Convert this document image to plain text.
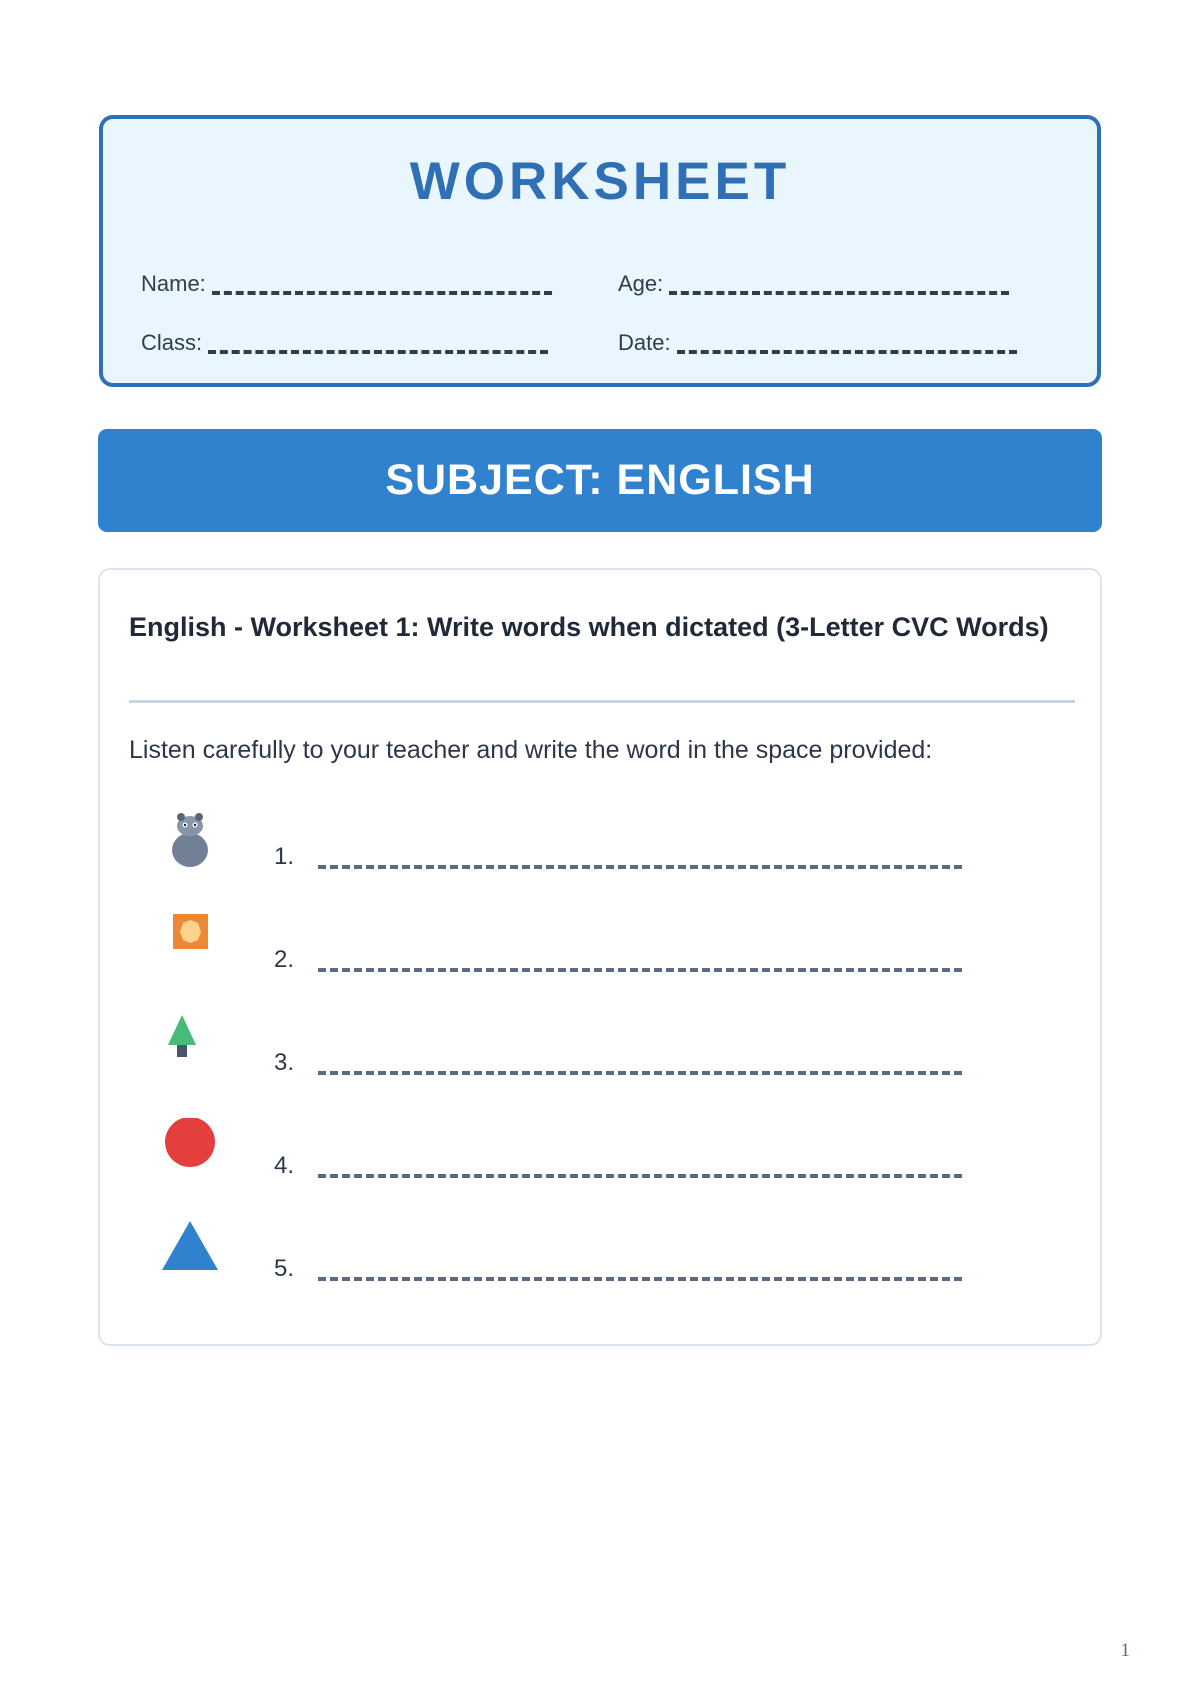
WORKSHEET
Name:	Age:
Class:	Date:
SUBJECT: ENGLISH
English - Worksheet 1: Write words when dictated (3-Letter CVC Words)
Listen carefully to your teacher and write the word in the space provided:
1.
2.
3.
4.
5.
1
